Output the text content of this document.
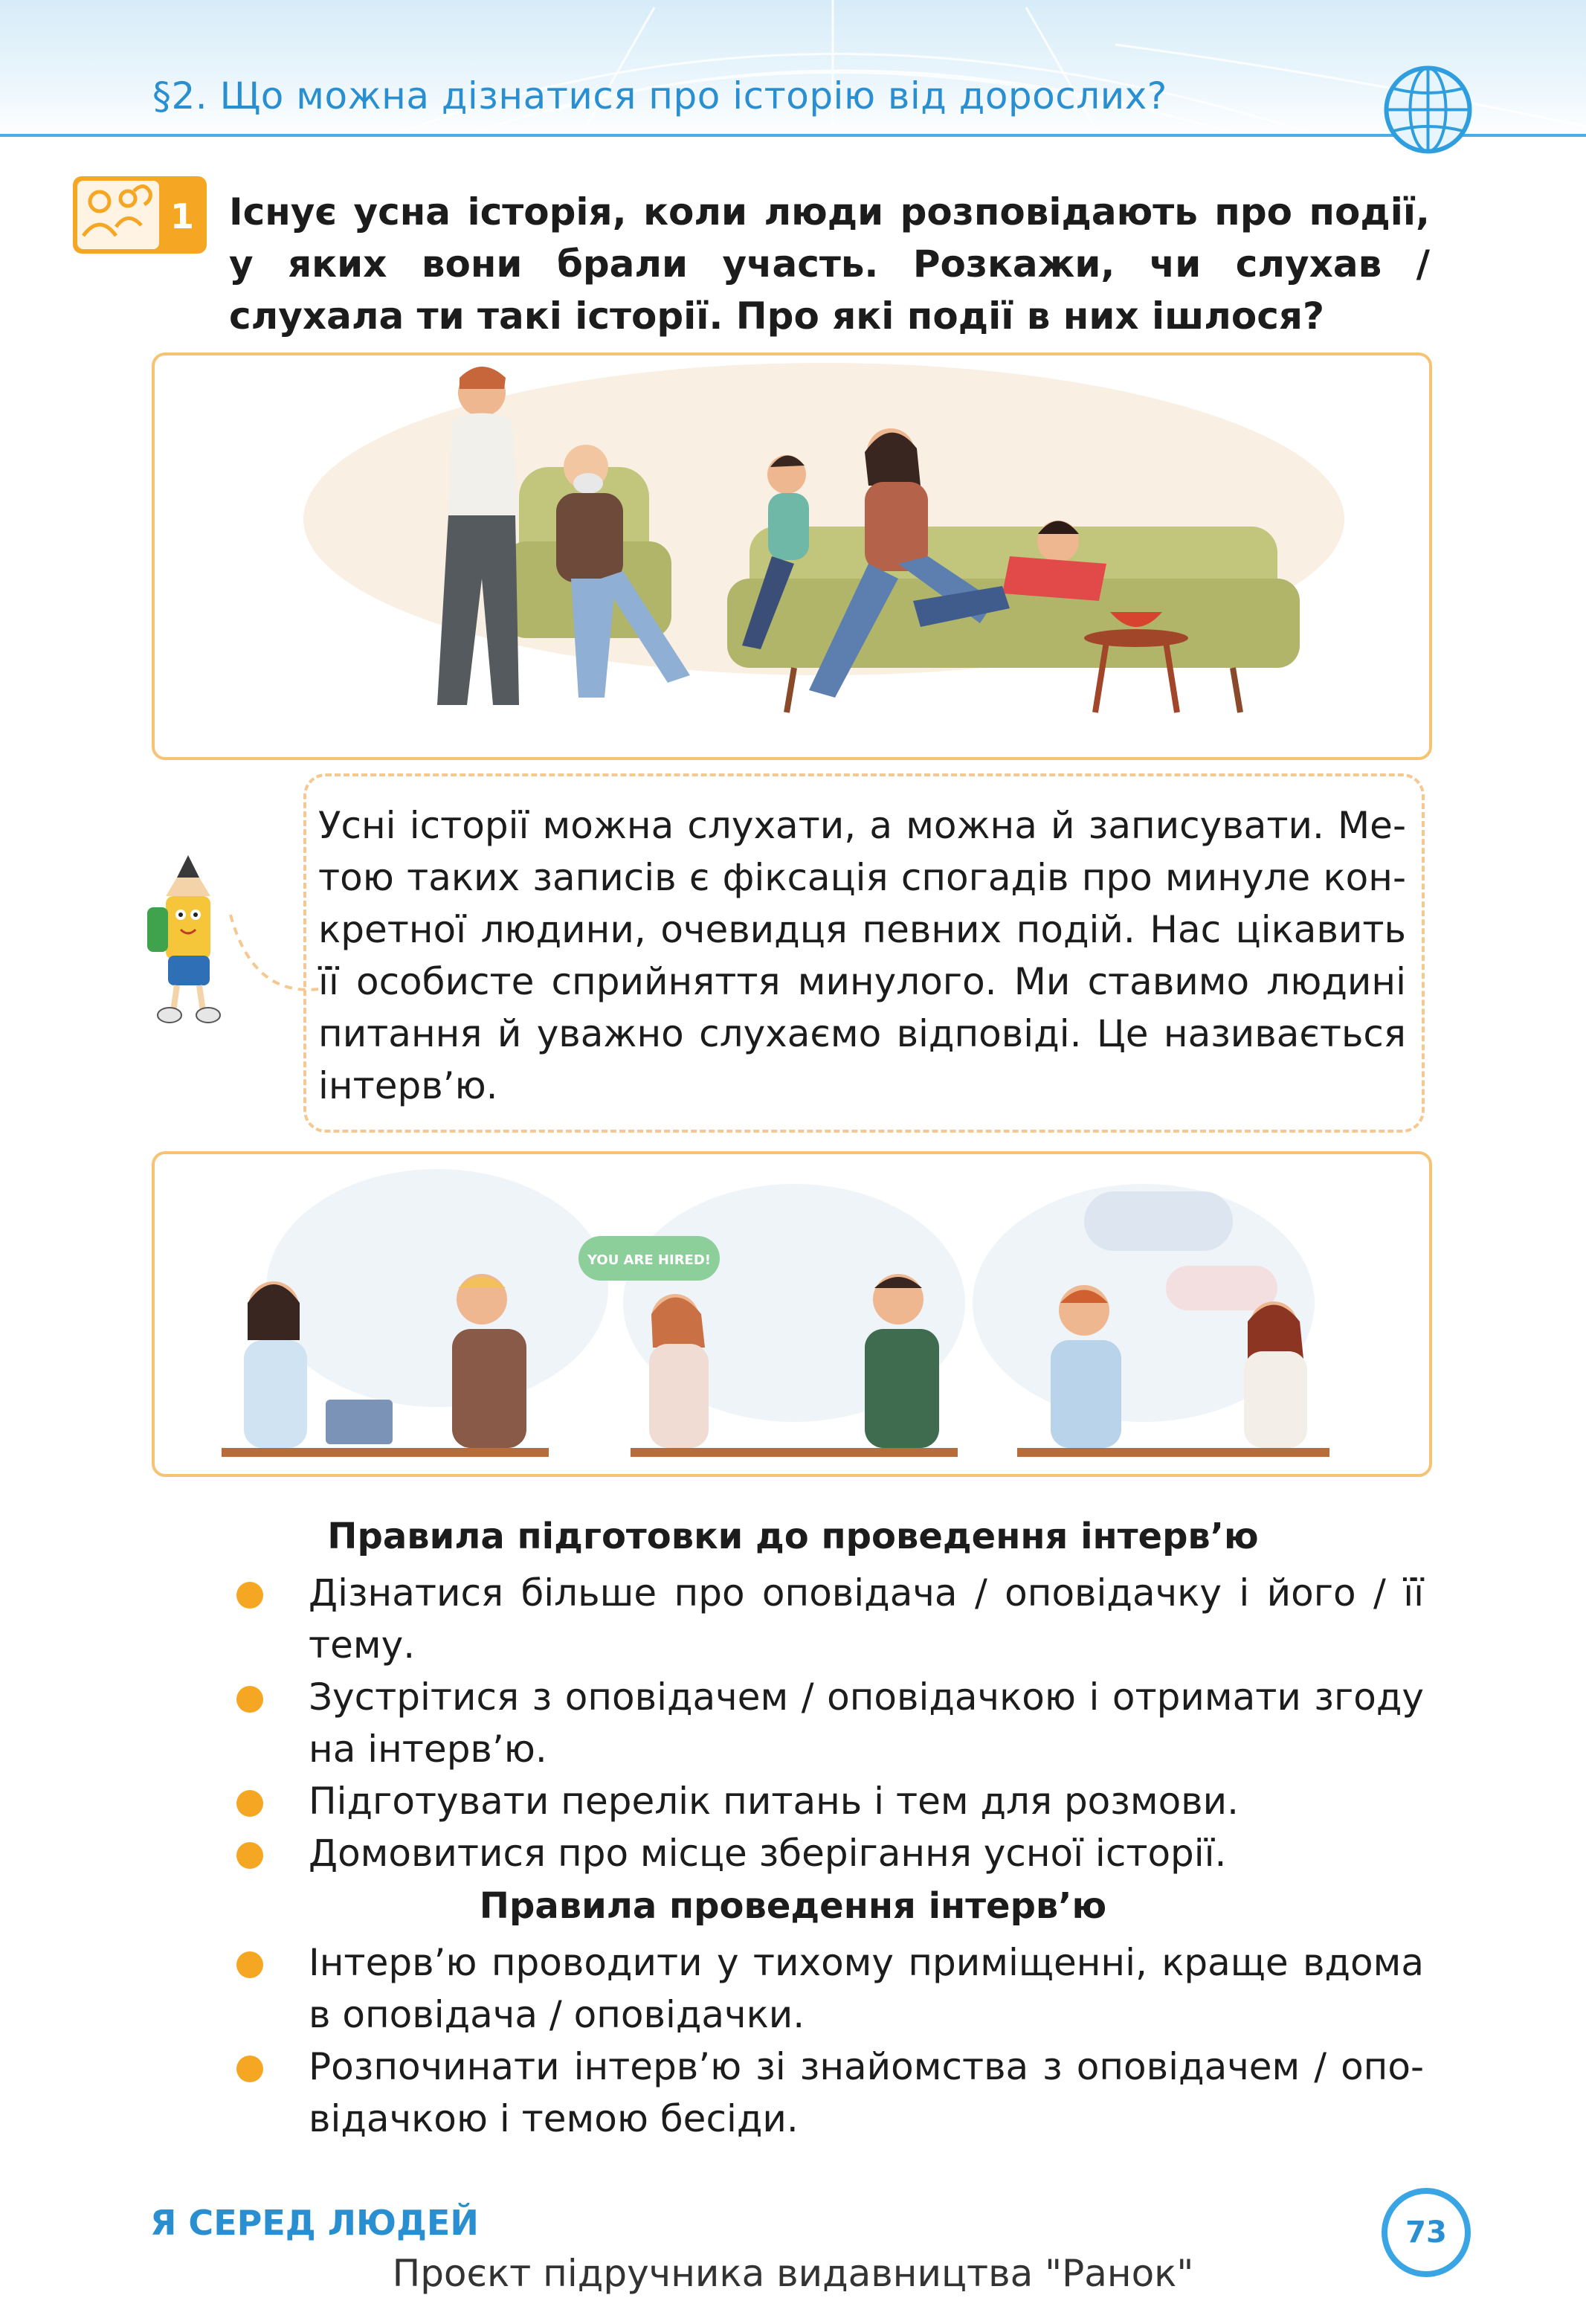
§2. Що можна дізнатися про історію від дорослих?
1 Існує усна історія, коли люди розповідають про події, у яких вони брали участь. Розкажи, чи слухав / слухала ти такі історії. Про які події в них ішлося?
Усні історії можна слухати, а можна й записувати. Метою таких записів є фіксація спогадів про минуле конкретної людини, очевидця певних подій. Нас цікавить її особисте сприйняття минулого. Ми ставимо людині питання й уважно слухаємо відповіді. Це називається інтерв’ю.
YOU ARE HIRED!
Правила підготовки до проведення інтерв’ю
Дізнатися більше про оповідача / оповідачку і його / її тему.
Зустрітися з оповідачем / оповідачкою і отримати згоду на інтерв’ю.
Підготувати перелік питань і тем для розмови.
Домовитися про місце зберігання усної історії.
Правила проведення інтерв’ю
Інтерв’ю проводити у тихому приміщенні, краще вдома в оповідача / оповідачки.
Розпочинати інтерв’ю зі знайомства з оповідачем / оповідачкою і темою бесіди.
Я СЕРЕД ЛЮДЕЙ	73
Проєкт підручника видавництва "Ранок"
